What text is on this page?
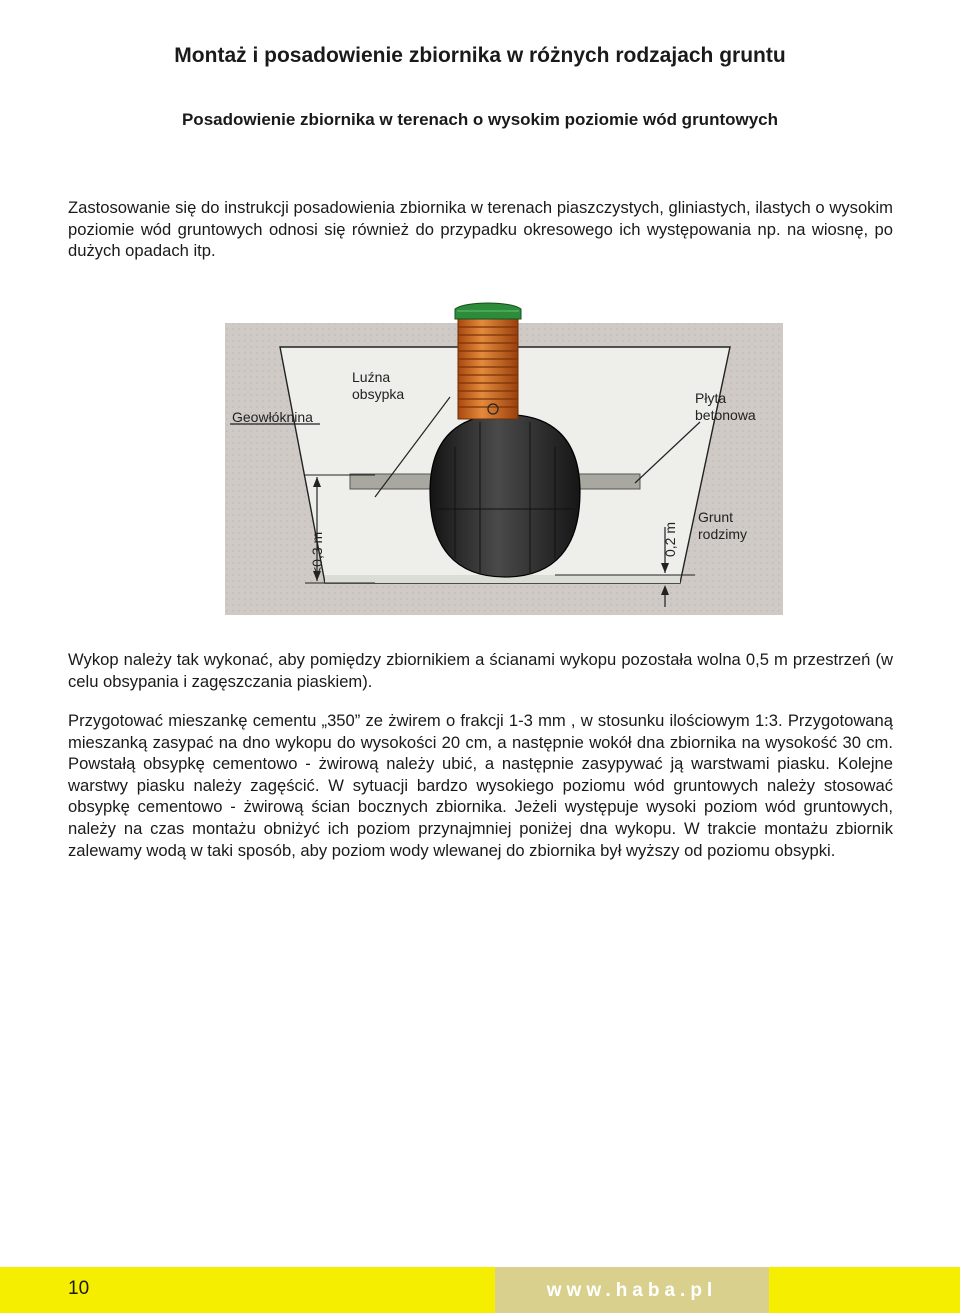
Montaż i posadowienie zbiornika w różnych rodzajach gruntu
Posadowienie zbiornika w terenach o wysokim poziomie wód gruntowych

Zastosowanie się do instrukcji posadowienia zbiornika w terenach piaszczystych, gliniastych, ilastych o wysokim poziomie wód gruntowych odnosi się również do przypadku okresowego ich występowania np. na wiosnę, po dużych opadach itp.

Luźna
obsypka
Geowłóknina
Płyta
betonowa
Grunt
rodzimy
<0,3 m	0,2 m

Wykop należy tak wykonać, aby pomiędzy zbiornikiem a ścianami wykopu pozostała wolna 0,5 m przestrzeń (w celu obsypania i zagęszczania piaskiem).

Przygotować mieszankę cementu „350” ze żwirem o frakcji 1-3 mm , w stosunku ilościowym 1:3. Przygotowaną mieszanką zasypać na dno wykopu do wysokości 20 cm, a następnie wokół dna zbiornika na wysokość 30 cm. Powstałą obsypkę cementowo - żwirową należy ubić, a następnie zasypywać ją warstwami piasku. Kolejne warstwy piasku należy zagęścić. W sytuacji bardzo wysokiego poziomu wód gruntowych należy stosować obsypkę cementowo - żwirową ścian bocznych zbiornika. Jeżeli występuje wysoki poziom wód gruntowych, należy na czas montażu obniżyć ich poziom przynajmniej poniżej dna wykopu. W trakcie montażu zbiornik zalewamy wodą w taki sposób, aby poziom wody wlewanej do zbiornika był wyższy od poziomu obsypki.

10	www.haba.pl
